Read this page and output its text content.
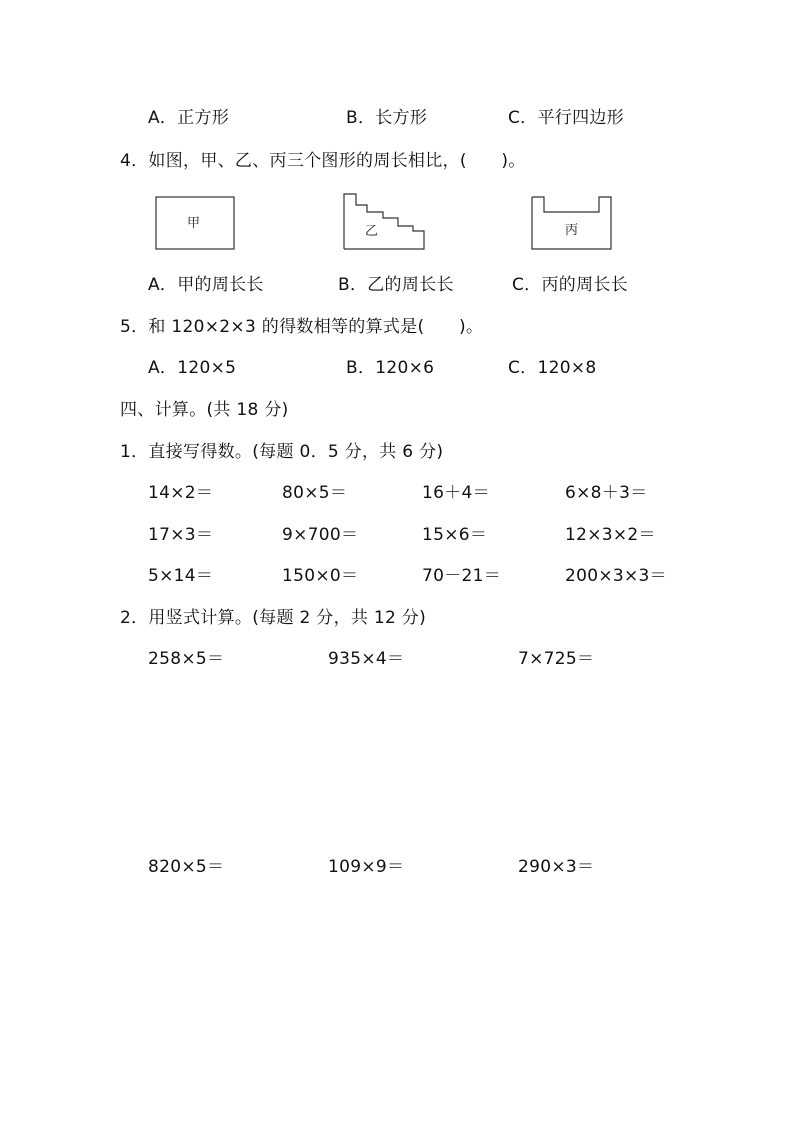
A．正方形	B．长方形	C．平行四边形
4．如图，甲、乙、丙三个图形的周长相比，(　　)。
甲
乙	丙
A．甲的周长长	B．乙的周长长	C．丙的周长长
5．和 120×2×3 的得数相等的算式是(　　)。
A．120×5	B．120×6	C．120×8
四、计算。(共 18 分)
1．直接写得数。(每题 0．5 分，共 6 分)
14×2＝	80×5＝	16＋4＝	6×8＋3＝
17×3＝	9×700＝	15×6＝	12×3×2＝
5×14＝	150×0＝	70－21＝	200×3×3＝
2．用竖式计算。(每题 2 分，共 12 分)
258×5＝	935×4＝	7×725＝
820×5＝	109×9＝	290×3＝
